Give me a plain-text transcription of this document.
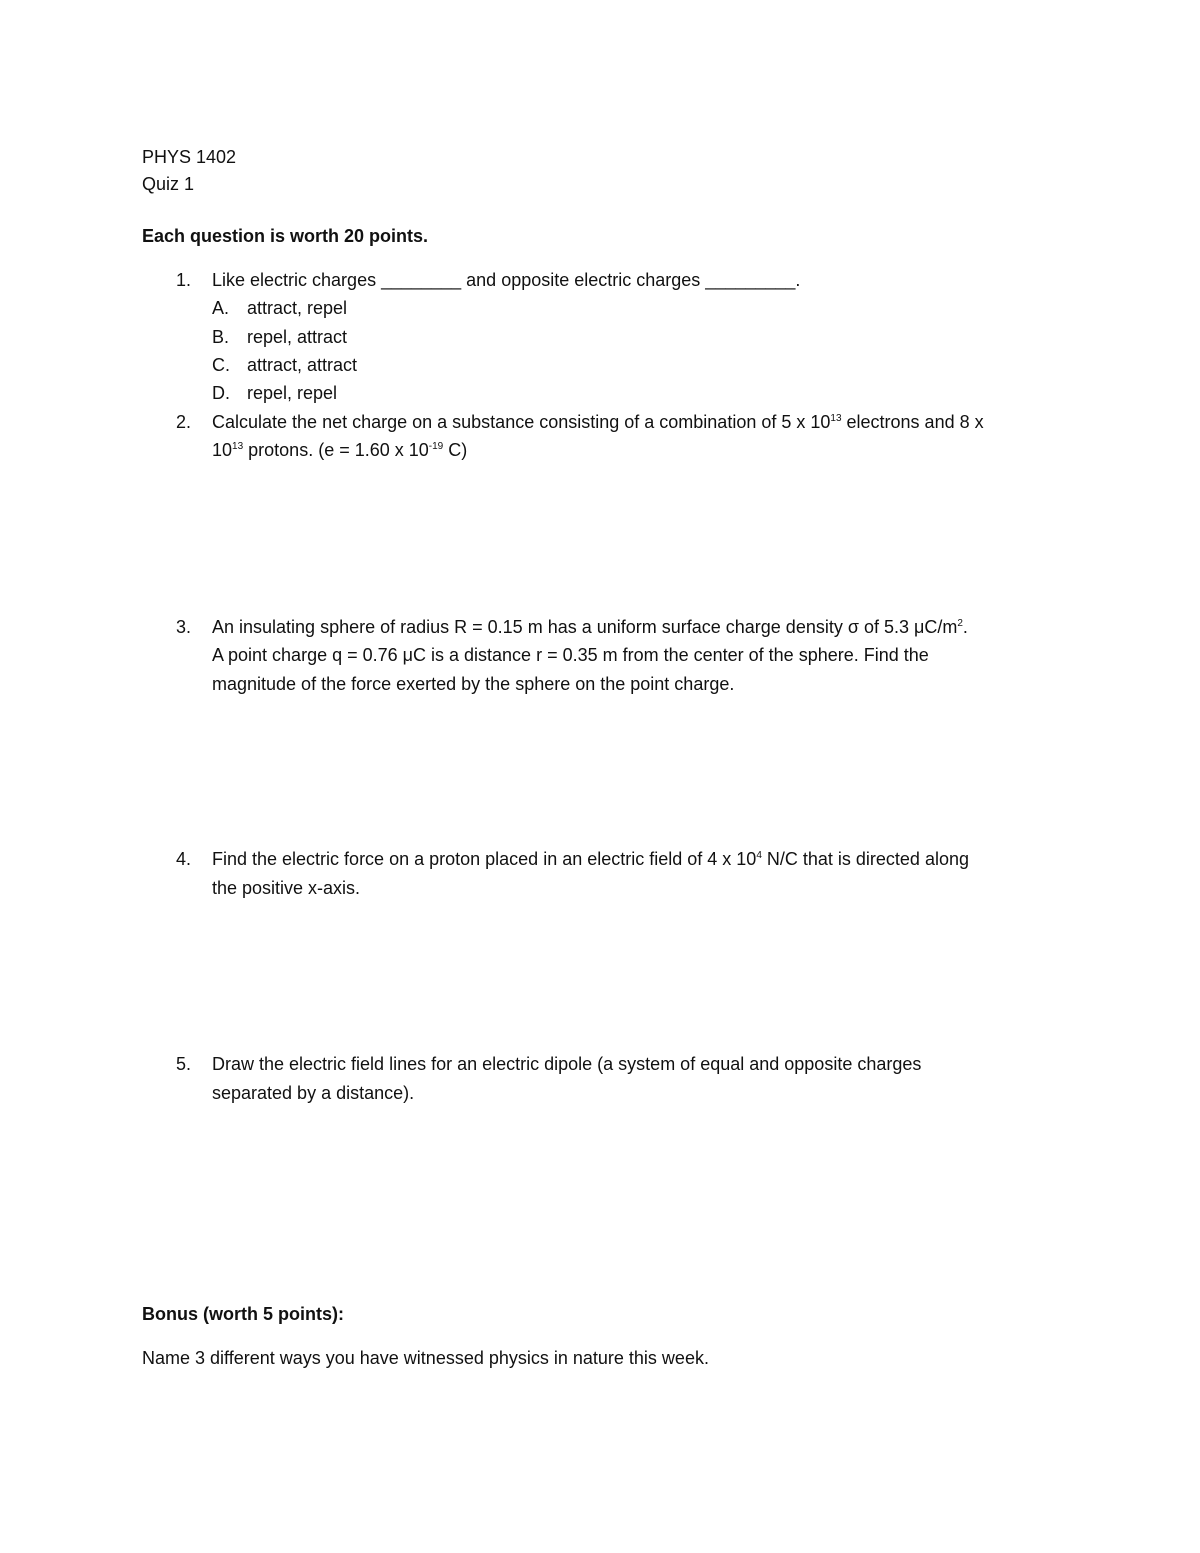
PHYS 1402
Quiz 1
Each question is worth 20 points.
1. Like electric charges ________ and opposite electric charges _________.
A. attract, repel
B. repel, attract
C. attract, attract
D. repel, repel
2. Calculate the net charge on a substance consisting of a combination of 5 x $10^{13}$ electrons and 8 x
$10^{13}$ protons. (e = 1.60 x $10^{-19}$ C)
3. An insulating sphere of radius R = 0.15 m has a uniform surface charge density σ of 5.3 $\mu C/m^2$.
A point charge q = 0.76 μC is a distance r = 0.35 m from the center of the sphere. Find the
magnitude of the force exerted by the sphere on the point charge.
4. Find the electric force on a proton placed in an electric field of 4 x $10^4$ N/C that is directed along
the positive x-axis.
5. Draw the electric field lines for an electric dipole (a system of equal and opposite charges
separated by a distance).
Bonus (worth 5 points):
Name 3 different ways you have witnessed physics in nature this week.
